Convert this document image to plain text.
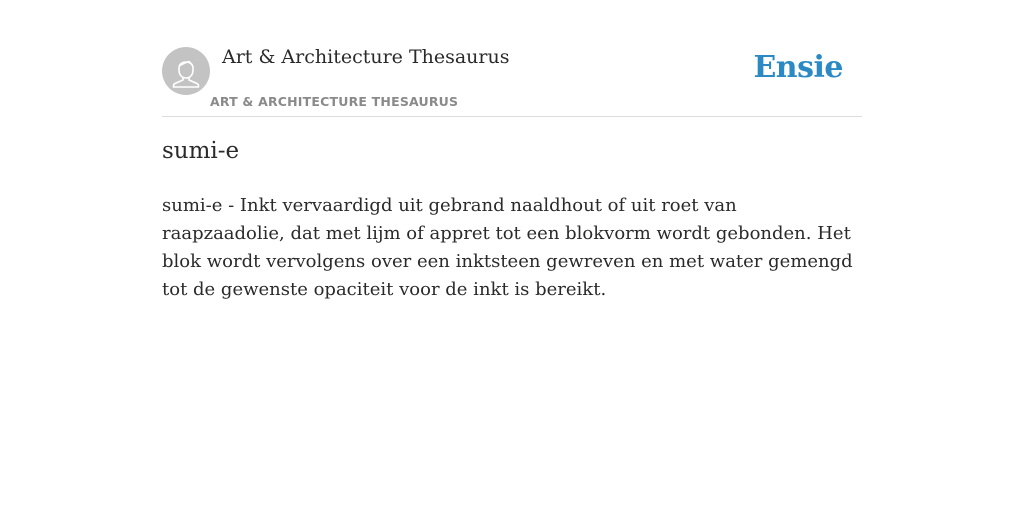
Art & Architecture Thesaurus
ART & ARCHITECTURE THESAURUS
Ensie
sumi-e

sumi-e - Inkt vervaardigd uit gebrand naaldhout of uit roet van raapzaadolie, dat met lijm of appret tot een blokvorm wordt gebonden. Het blok wordt vervolgens over een inktsteen gewreven en met water gemengd tot de gewenste opaciteit voor de inkt is bereikt.
